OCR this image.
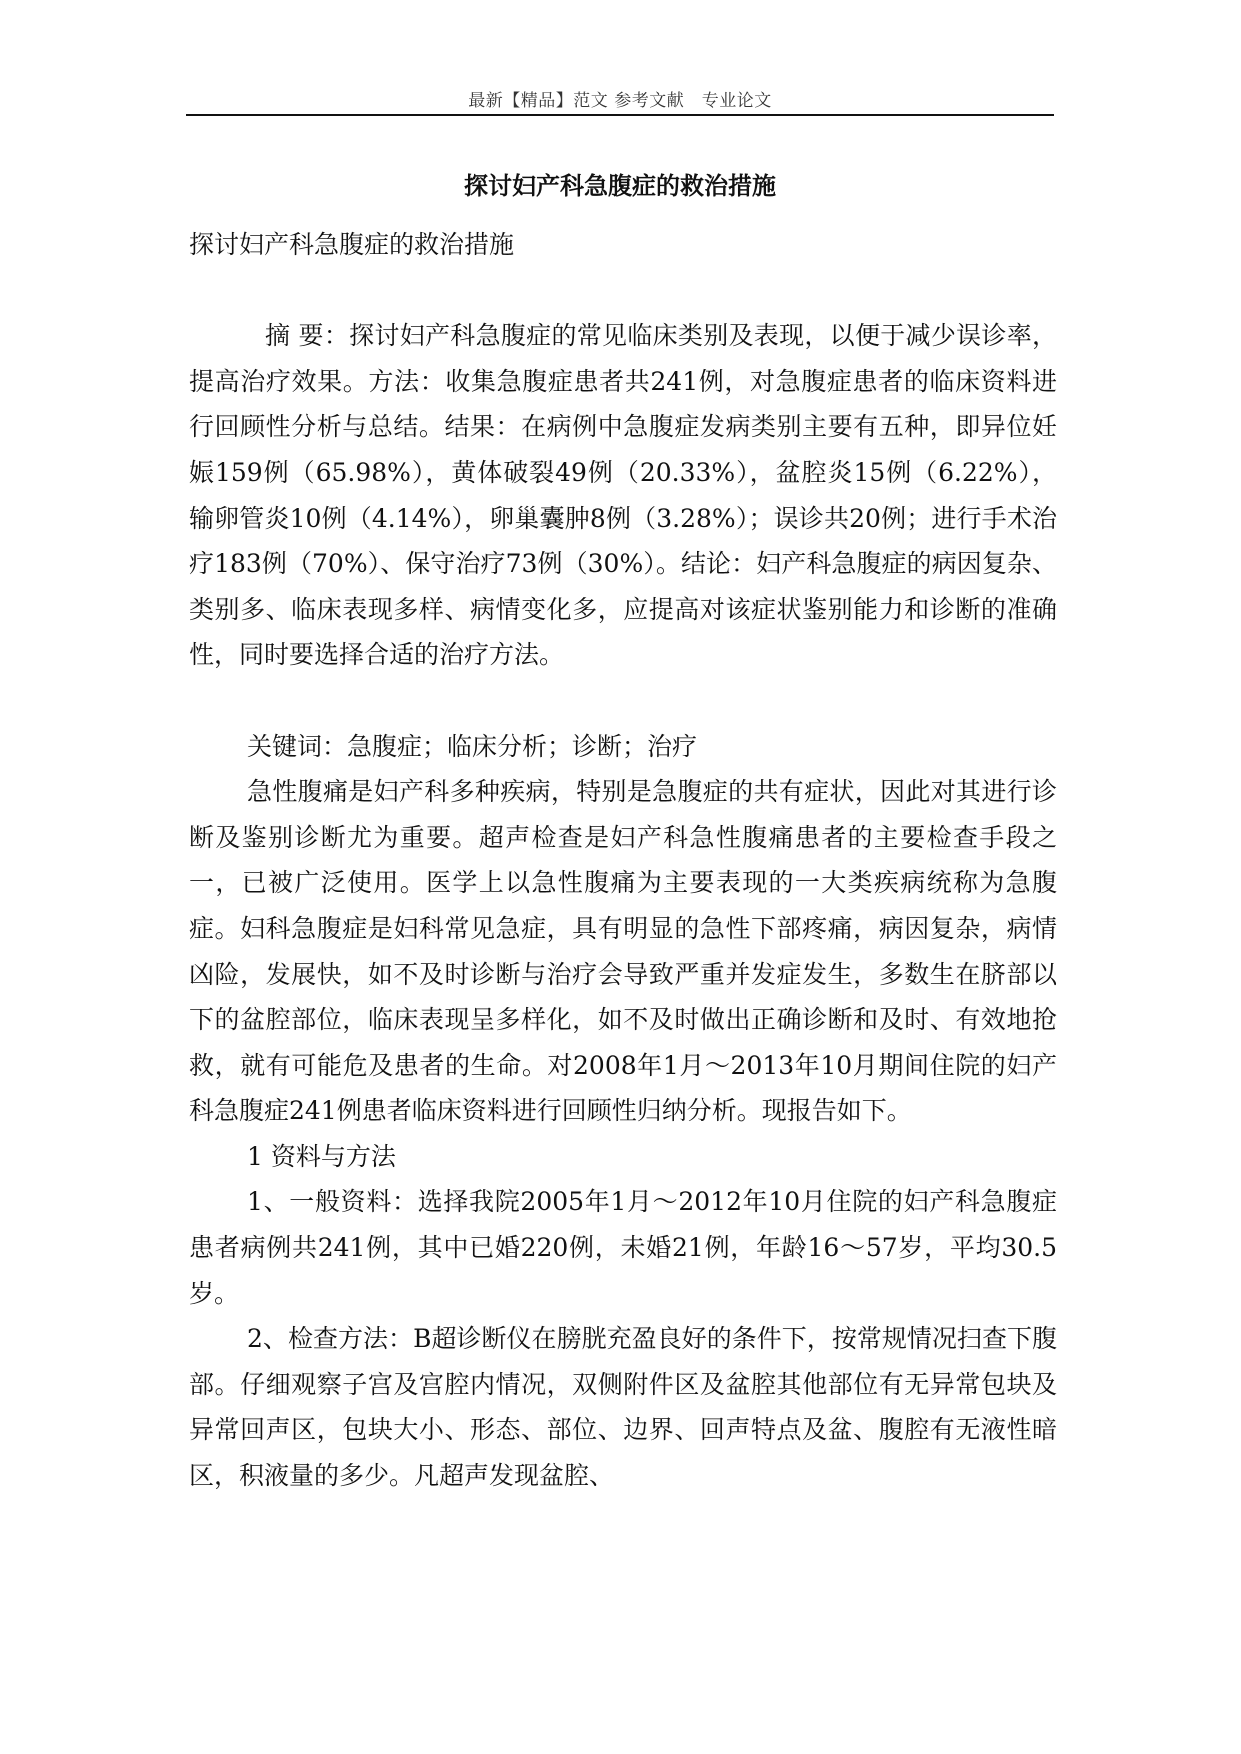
最新【精品】范文 参考文献　专业论文
探讨妇产科急腹症的救治措施

探讨妇产科急腹症的救治措施

摘 要：探讨妇产科急腹症的常见临床类别及表现，以便于减少误诊率，提高治疗效果。方法：收集急腹症患者共241例，对急腹症患者的临床资料进行回顾性分析与总结。结果：在病例中急腹症发病类别主要有五种，即异位妊娠159例（65.98%），黄体破裂49例（20.33%），盆腔炎15例（6.22%），输卵管炎10例（4.14%），卵巢囊肿8例（3.28%）；误诊共20例；进行手术治疗183例（70%）、保守治疗73例（30%）。结论：妇产科急腹症的病因复杂、类别多、临床表现多样、病情变化多，应提高对该症状鉴别能力和诊断的准确性，同时要选择合适的治疗方法。

关键词：急腹症；临床分析；诊断；治疗

急性腹痛是妇产科多种疾病，特别是急腹症的共有症状，因此对其进行诊断及鉴别诊断尤为重要。超声检查是妇产科急性腹痛患者的主要检查手段之一，已被广泛使用。医学上以急性腹痛为主要表现的一大类疾病统称为急腹症。妇科急腹症是妇科常见急症，具有明显的急性下部疼痛，病因复杂，病情凶险，发展快，如不及时诊断与治疗会导致严重并发症发生，多数生在脐部以下的盆腔部位，临床表现呈多样化，如不及时做出正确诊断和及时、有效地抢救，就有可能危及患者的生命。对2008年1月～2013年10月期间住院的妇产科急腹症241例患者临床资料进行回顾性归纳分析。现报告如下。

1 资料与方法

1、一般资料：选择我院2005年1月～2012年10月住院的妇产科急腹症患者病例共241例，其中已婚220例，未婚21例，年龄16～57岁，平均30.5岁。

2、检查方法：B超诊断仪在膀胱充盈良好的条件下，按常规情况扫查下腹部。仔细观察子宫及宫腔内情况，双侧附件区及盆腔其他部位有无异常包块及异常回声区，包块大小、形态、部位、边界、回声特点及盆、腹腔有无液性暗区，积液量的多少。凡超声发现盆腔、
